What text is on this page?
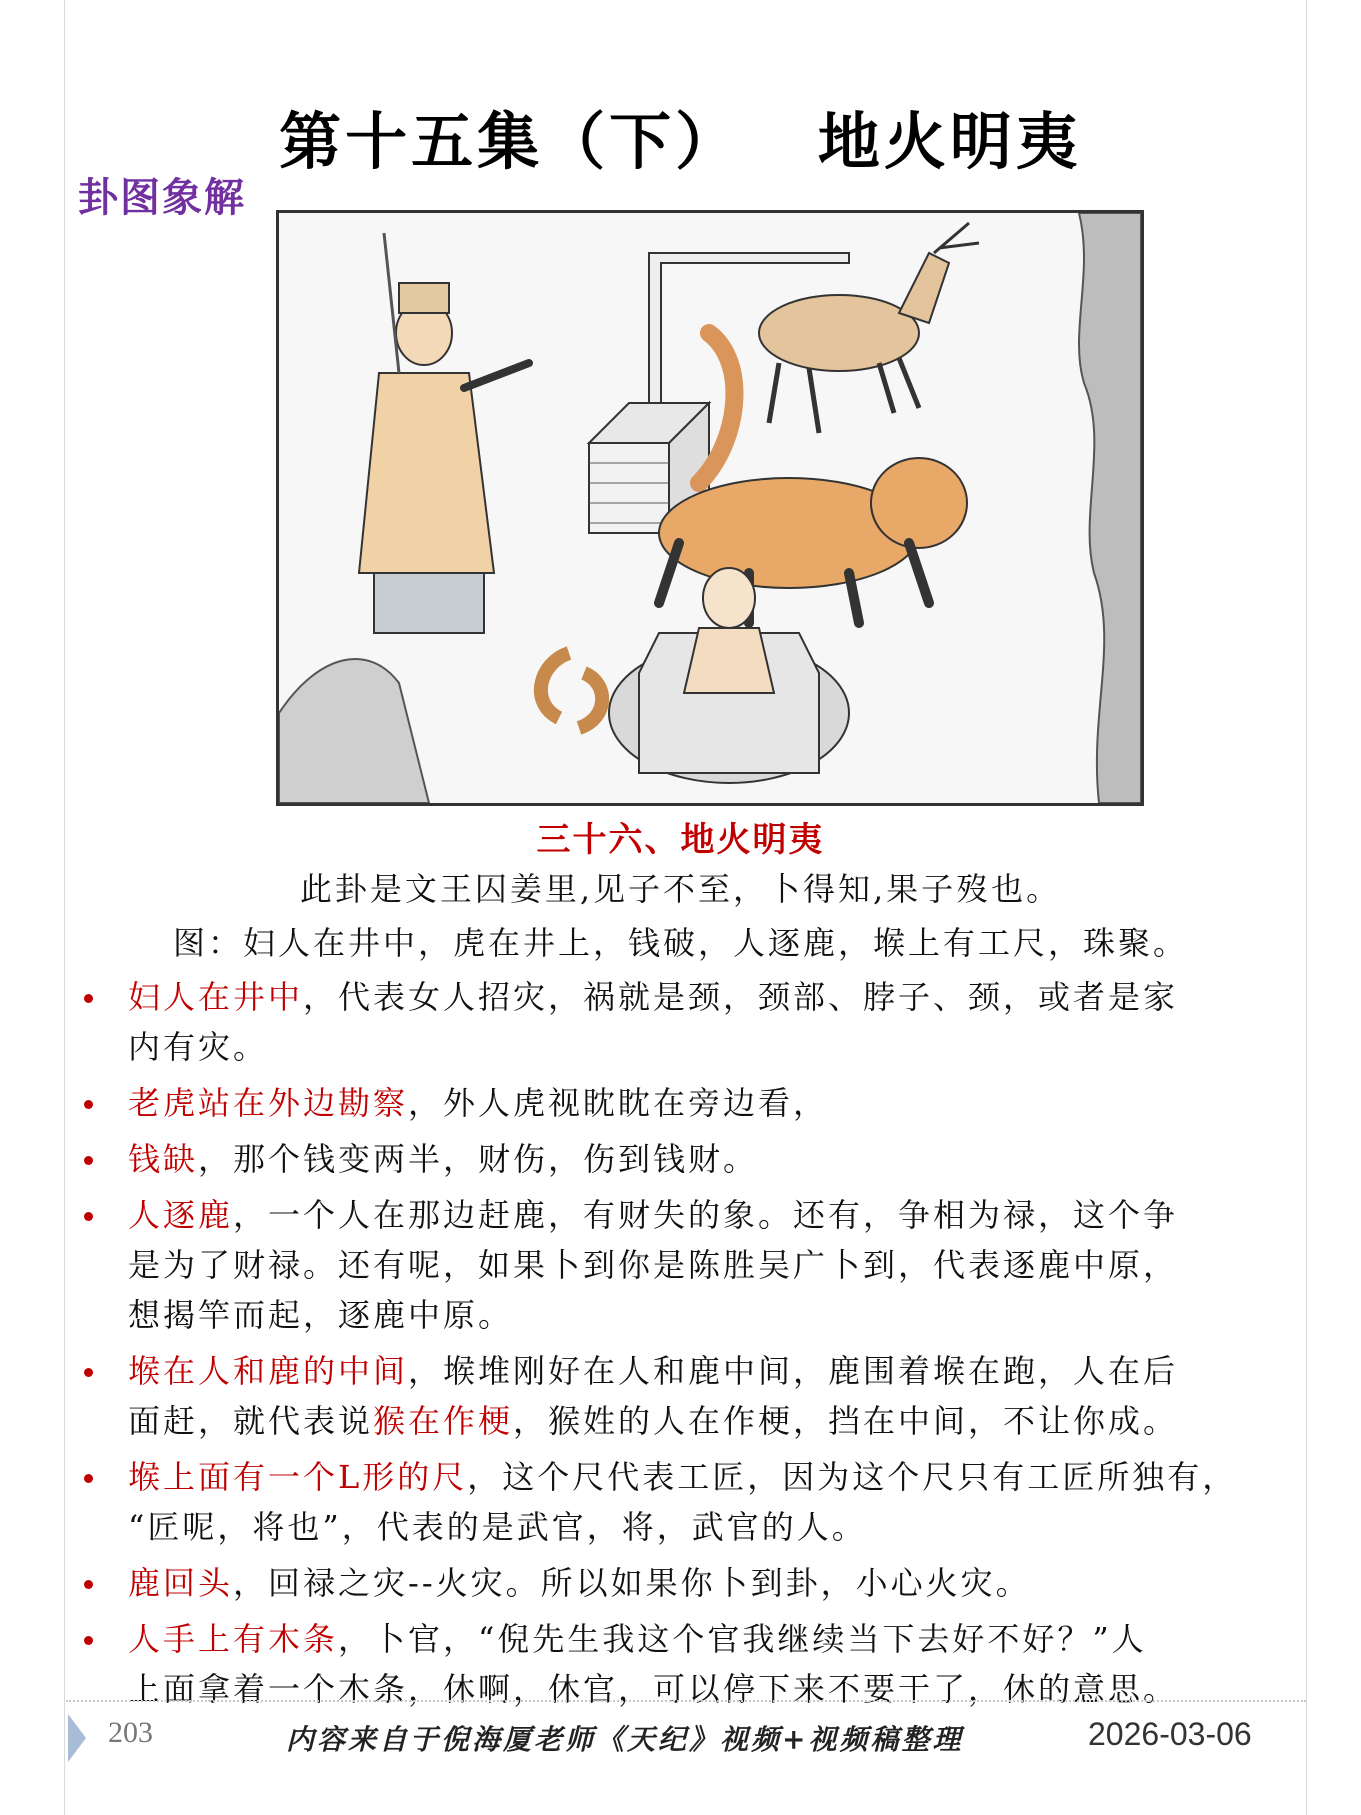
第十五集（下）   地火明夷
卦图象解
三十六、地火明夷
此卦是文王囚姜里,见子不至，卜得知,果子歿也。
图：妇人在井中，虎在井上，钱破，人逐鹿，堠上有工尺，珠聚。
妇人在井中，代表女人招灾，祸就是颈，颈部、脖子、颈，或者是家
内有灾。
老虎站在外边勘察，外人虎视眈眈在旁边看，
钱缺，那个钱变两半，财伤，伤到钱财。
人逐鹿，一个人在那边赶鹿，有财失的象。还有，争相为禄，这个争
是为了财禄。还有呢，如果卜到你是陈胜吴广卜到，代表逐鹿中原，
想揭竿而起，逐鹿中原。
堠在人和鹿的中间，堠堆刚好在人和鹿中间，鹿围着堠在跑，人在后
面赶，就代表说猴在作梗，猴姓的人在作梗，挡在中间，不让你成。
堠上面有一个L形的尺，这个尺代表工匠，因为这个尺只有工匠所独有，
“匠呢，将也”，代表的是武官，将，武官的人。
鹿回头，回禄之灾--火灾。所以如果你卜到卦，小心火灾。
人手上有木条，卜官，“倪先生我这个官我继续当下去好不好？”人
上面拿着一个木条，休啊，休官，可以停下来不要干了，休的意思。
203	内容来自于倪海厦老师《天纪》视频+视频稿整理	2026-03-06
